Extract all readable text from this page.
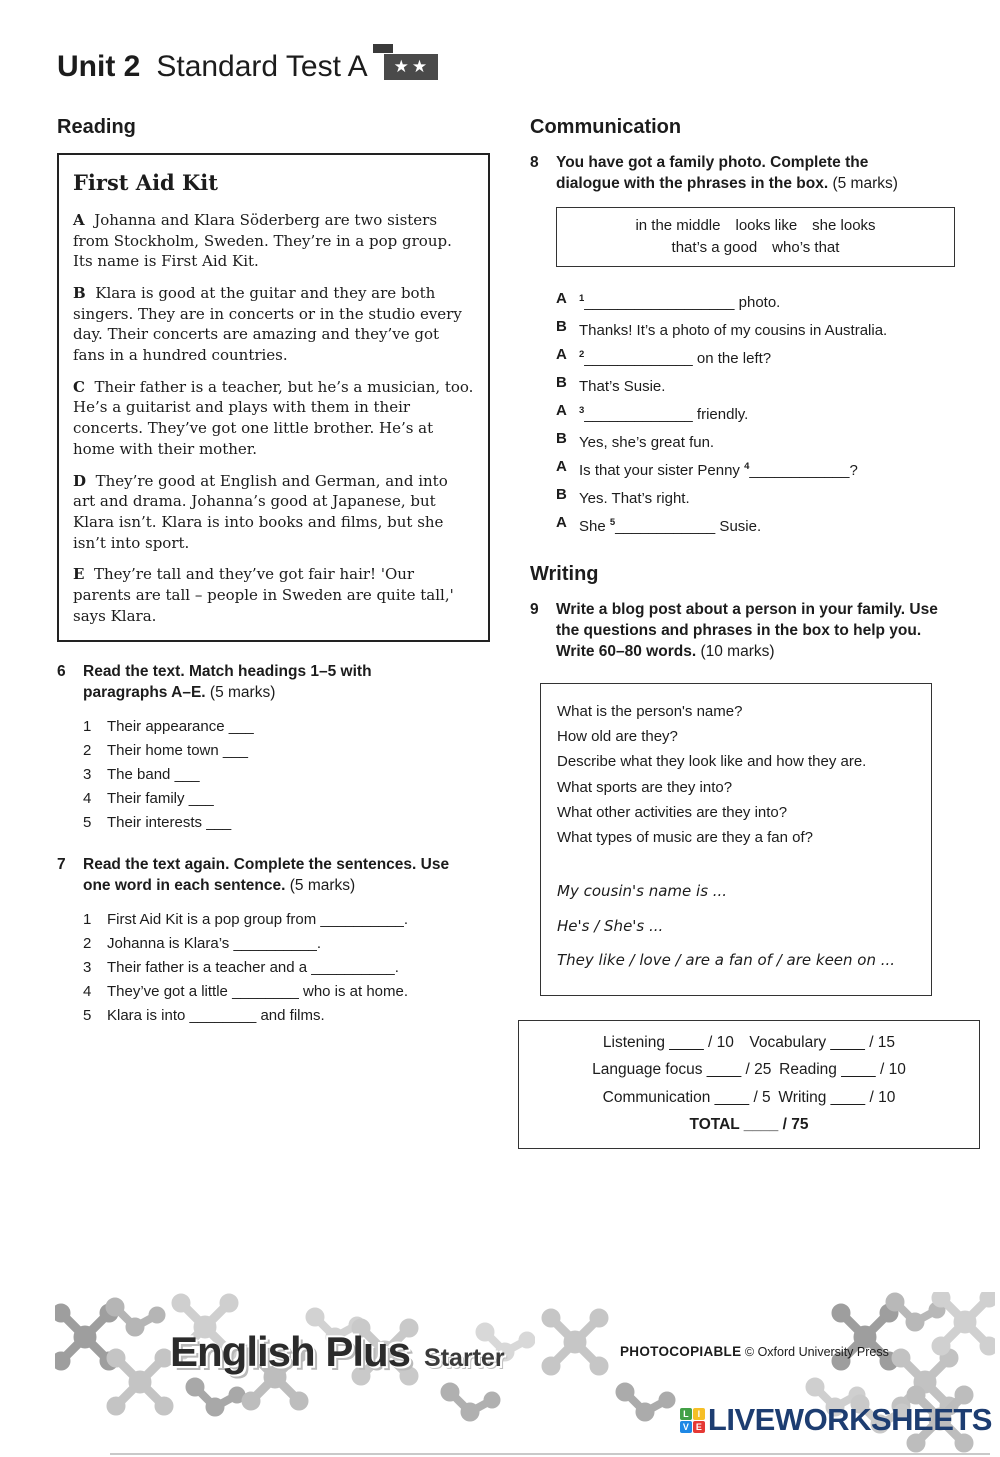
Unit 2 Standard Test A	★★
Reading
First Aid Kit

A Johanna and Klara Söderberg are two sisters from Stockholm, Sweden. They’re in a pop group. Its name is First Aid Kit.

B Klara is good at the guitar and they are both singers. They are in concerts or in the studio every day. Their concerts are amazing and they’ve got fans in a hundred countries.

C Their father is a teacher, but he’s a musician, too. He’s a guitarist and plays with them in their concerts. They’ve got one little brother. He’s at home with their mother.

D They’re good at English and German, and into art and drama. Johanna’s good at Japanese, but Klara isn’t. Klara is into books and films, but she isn’t into sport.

E They’re tall and they’ve got fair hair! 'Our parents are tall – people in Sweden are quite tall,' says Klara.

6	Read the text. Match headings 1–5 with paragraphs A–E. (5 marks)
1	Their appearance ___
2	Their home town ___
3	The band ___
4	Their family ___
5	Their interests ___
7	Read the text again. Complete the sentences. Use one word in each sentence. (5 marks)
1	First Aid Kit is a pop group from __________.
2	Johanna is Klara’s __________.
3	Their father is a teacher and a __________.
4	They’ve got a little ________ who is at home.
5	Klara is into ________ and films.
Communication
8	You have got a family photo. Complete the dialogue with the phrases in the box. (5 marks)
in the middle looks like she looks
that’s a good who’s that
A	$^1$__________________ photo.
B Thanks! It’s a photo of my cousins in Australia.
A	$^2$_____________ on the left?
B That’s Susie.
A	$^3$_____________ friendly.
B Yes, she’s great fun.
A Is that your sister Penny $^4$____________?
B Yes. That’s right.
A She $^5$____________ Susie.
Writing
9	Write a blog post about a person in your family. Use the questions and phrases in the box to help you. Write 60–80 words. (10 marks)
What is the person's name?
How old are they?
Describe what they look like and how they are.
What sports are they into?
What other activities are they into?
What types of music are they a fan of?
My cousin's name is ...
He's / She's ...
They like / love / are a fan of / are keen on ...
Listening ____ / 10 Vocabulary ____ / 15
Language focus ____ / 25 Reading ____ / 10
Communication ____ / 5 Writing ____ / 10
TOTAL ____ / 75
English Plus Starter	PHOTOCOPIABLE © Oxford University Press
L I
V E LIVEWORKSHEETS
